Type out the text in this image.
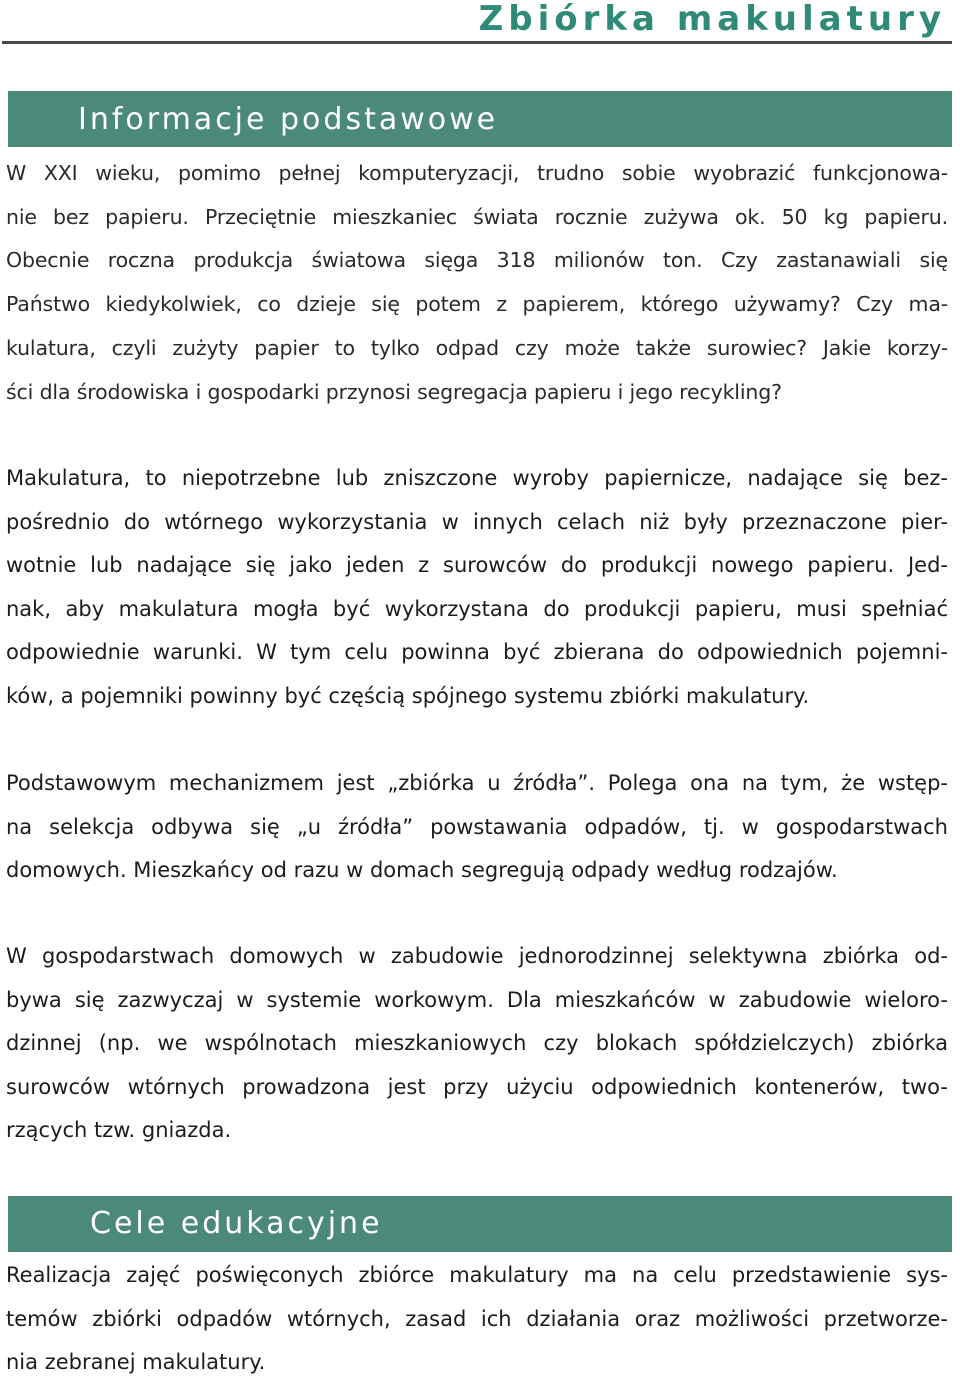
Zbiórka makulatury
Informacje podstawowe
W XXI wieku, pomimo pełnej komputeryzacji, trudno sobie wyobrazić funkcjonowa-
nie bez papieru. Przeciętnie mieszkaniec świata rocznie zużywa ok. 50 kg papieru.
Obecnie roczna produkcja światowa sięga 318 milionów ton. Czy zastanawiali się
Państwo kiedykolwiek, co dzieje się potem z papierem, którego używamy? Czy ma-
kulatura, czyli zużyty papier to tylko odpad czy może także surowiec? Jakie korzy-
ści dla środowiska i gospodarki przynosi segregacja papieru i jego recykling?
Makulatura, to niepotrzebne lub zniszczone wyroby papiernicze, nadające się bez-
pośrednio do wtórnego wykorzystania w innych celach niż były przeznaczone pier-
wotnie lub nadające się jako jeden z surowców do produkcji nowego papieru. Jed-
nak, aby makulatura mogła być wykorzystana do produkcji papieru, musi spełniać
odpowiednie warunki. W tym celu powinna być zbierana do odpowiednich pojemni-
ków, a pojemniki powinny być częścią spójnego systemu zbiórki makulatury.
Podstawowym mechanizmem jest „zbiórka u źródła”. Polega ona na tym, że wstęp-
na selekcja odbywa się „u źródła” powstawania odpadów, tj. w gospodarstwach
domowych. Mieszkańcy od razu w domach segregują odpady według rodzajów.
W gospodarstwach domowych w zabudowie jednorodzinnej selektywna zbiórka od-
bywa się zazwyczaj w systemie workowym. Dla mieszkańców w zabudowie wieloro-
dzinnej (np. we wspólnotach mieszkaniowych czy blokach spółdzielczych) zbiórka
surowców wtórnych prowadzona jest przy użyciu odpowiednich kontenerów, two-
rzących tzw. gniazda.
Cele edukacyjne
Realizacja zajęć poświęconych zbiórce makulatury ma na celu przedstawienie sys-
temów zbiórki odpadów wtórnych, zasad ich działania oraz możliwości przetworze-
nia zebranej makulatury.
